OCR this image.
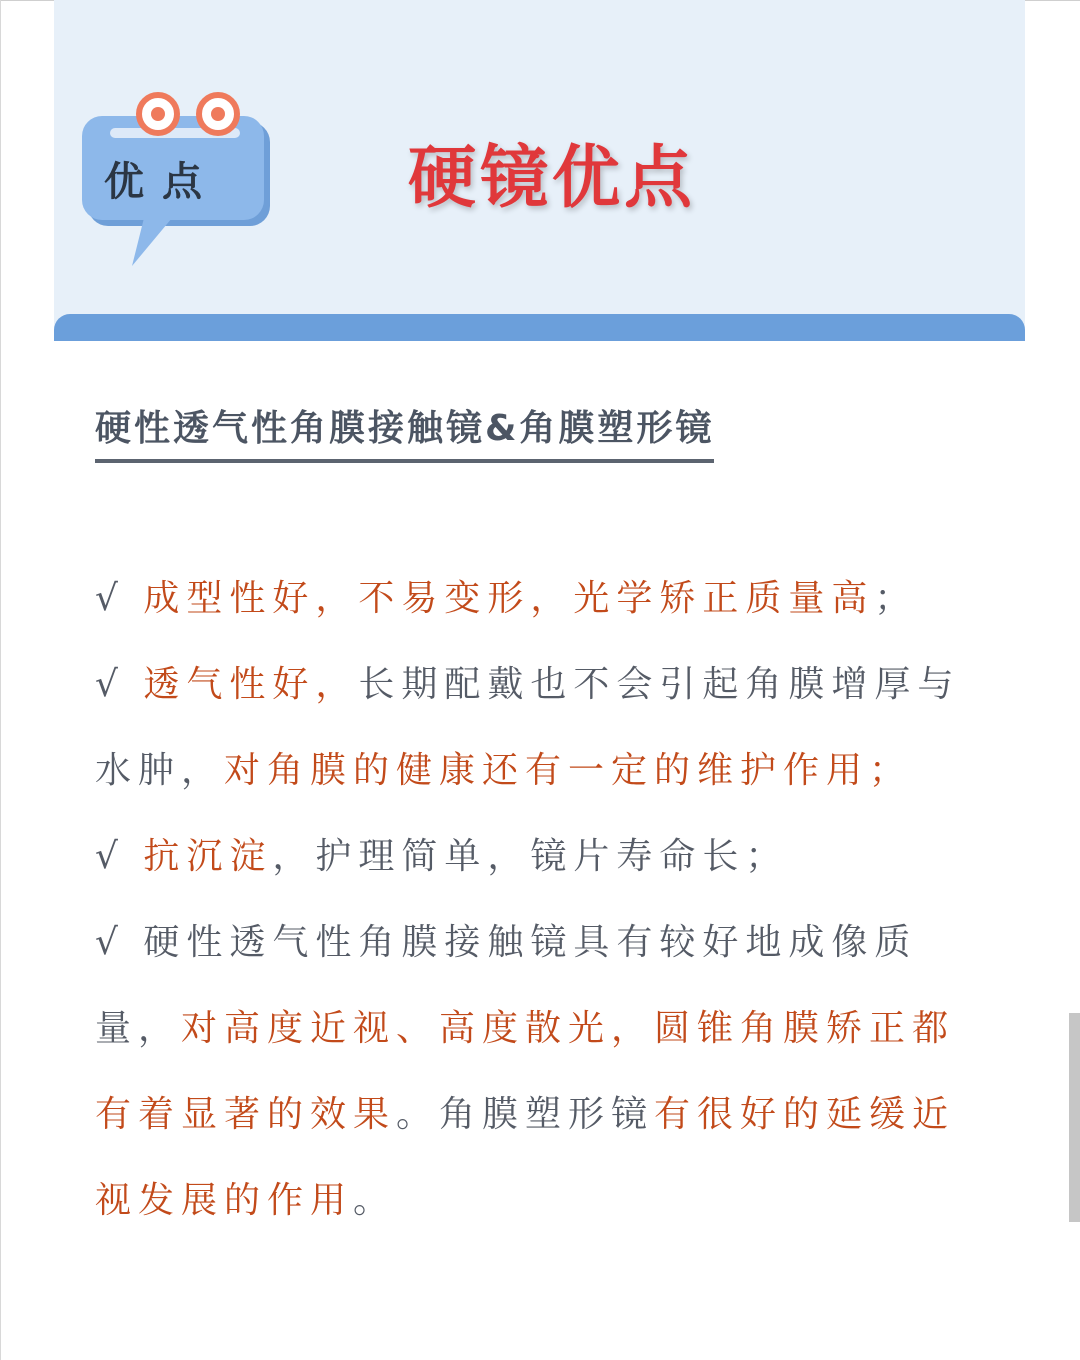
优点	硬镜优点
硬性透气性角膜接触镜&角膜塑形镜
√ 成型性好，不易变形，光学矫正质量高；
√ 透气性好，长期配戴也不会引起角膜增厚与
水肿，对角膜的健康还有一定的维护作用；
√ 抗沉淀，护理简单，镜片寿命长；
√ 硬性透气性角膜接触镜具有较好地成像质
量，对高度近视、高度散光，圆锥角膜矫正都
有着显著的效果。角膜塑形镜有很好的延缓近
视发展的作用。
